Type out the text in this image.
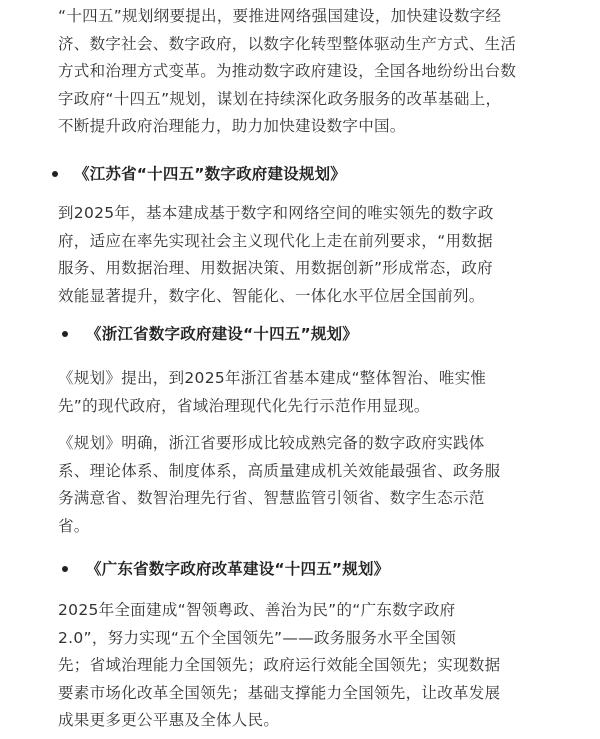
“十四五”规划纲要提出，要推进网络强国建设，加快建设数字经
济、数字社会、数字政府，以数字化转型整体驱动生产方式、生活
方式和治理方式变革。为推动数字政府建设，全国各地纷纷出台数
字政府“十四五”规划，谋划在持续深化政务服务的改革基础上，
不断提升政府治理能力，助力加快建设数字中国。

《江苏省“十四五”数字政府建设规划》

到2025年，基本建成基于数字和网络空间的唯实领先的数字政
府，适应在率先实现社会主义现代化上走在前列要求，“用数据
服务、用数据治理、用数据决策、用数据创新”形成常态，政府
效能显著提升，数字化、智能化、一体化水平位居全国前列。

《浙江省数字政府建设“十四五”规划》

《规划》提出，到2025年浙江省基本建成“整体智治、唯实惟
先”的现代政府，省域治理现代化先行示范作用显现。

《规划》明确，浙江省要形成比较成熟完备的数字政府实践体
系、理论体系、制度体系，高质量建成机关效能最强省、政务服
务满意省、数智治理先行省、智慧监管引领省、数字生态示范
省。

《广东省数字政府改革建设“十四五”规划》

2025年全面建成“智领粤政、善治为民”的“广东数字政府
2.0”，努力实现“五个全国领先”——政务服务水平全国领
先；省域治理能力全国领先；政府运行效能全国领先；实现数据
要素市场化改革全国领先；基础支撑能力全国领先，让改革发展
成果更多更公平惠及全体人民。
